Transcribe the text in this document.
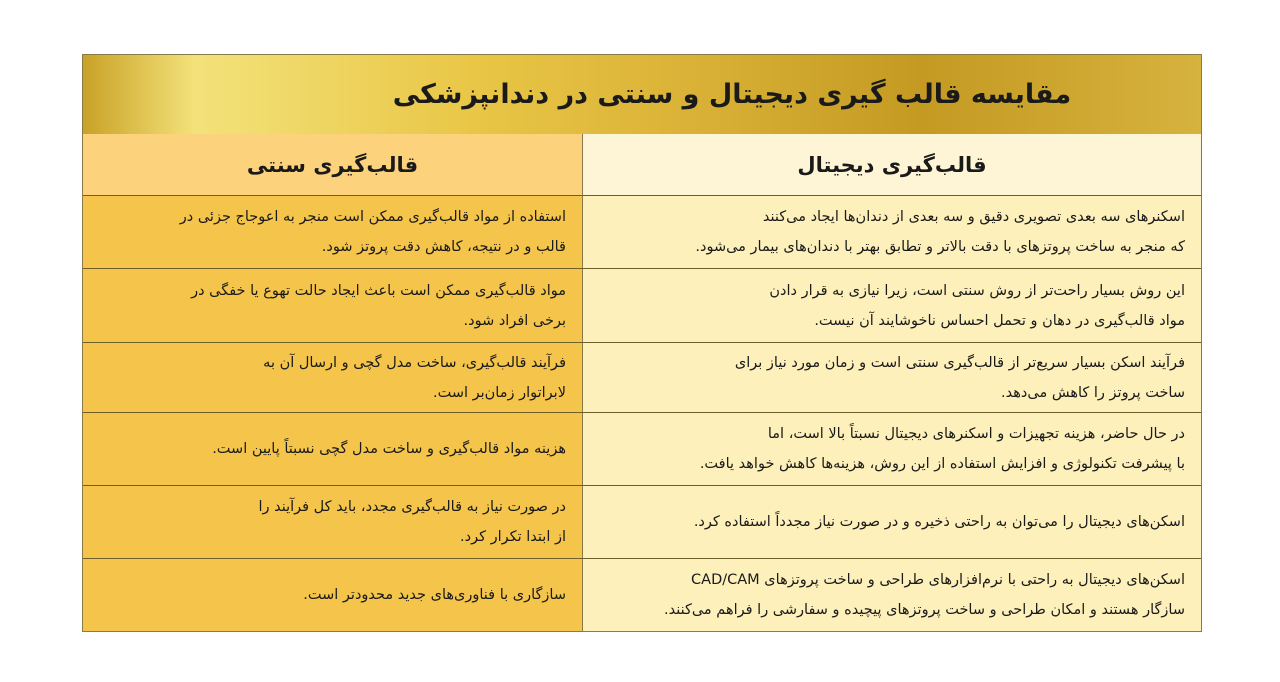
مقایسه قالب گیری دیجیتال و سنتی در دندانپزشکی
قالب‌گیری سنتی	قالب‌گیری دیجیتال
استفاده از مواد قالب‌گیری ممکن است منجر به اعوجاج جزئی در
قالب و در نتیجه، کاهش دقت پروتز شود.
اسکنرهای سه بعدی تصویری دقیق و سه بعدی از دندان‌ها ایجاد می‌کنند
که منجر به ساخت پروتزهای با دقت بالاتر و تطابق بهتر با دندان‌های بیمار می‌شود.
مواد قالب‌گیری ممکن است باعث ایجاد حالت تهوع یا خفگی در
برخی افراد شود.
این روش بسیار راحت‌تر از روش سنتی است، زیرا نیازی به قرار دادن
مواد قالب‌گیری در دهان و تحمل احساس ناخوشایند آن نیست.
فرآیند قالب‌گیری، ساخت مدل گچی و ارسال آن به
لابراتوار زمان‌بر است.
فرآیند اسکن بسیار سریع‌تر از قالب‌گیری سنتی است و زمان مورد نیاز برای
ساخت پروتز را کاهش می‌دهد.
هزینه مواد قالب‌گیری و ساخت مدل گچی نسبتاً پایین است.
در حال حاضر، هزینه تجهیزات و اسکنرهای دیجیتال نسبتاً بالا است، اما
با پیشرفت تکنولوژی و افزایش استفاده از این روش، هزینه‌ها کاهش خواهد یافت.
در صورت نیاز به قالب‌گیری مجدد، باید کل فرآیند را
از ابتدا تکرار کرد.
اسکن‌های دیجیتال را می‌توان به راحتی ذخیره و در صورت نیاز مجدداً استفاده کرد.
سازگاری با فناوری‌های جدید محدودتر است.
اسکن‌های دیجیتال به راحتی با نرم‌افزارهای طراحی و ساخت پروتزهای CAD/CAM
سازگار هستند و امکان طراحی و ساخت پروتزهای پیچیده و سفارشی را فراهم می‌کنند.
